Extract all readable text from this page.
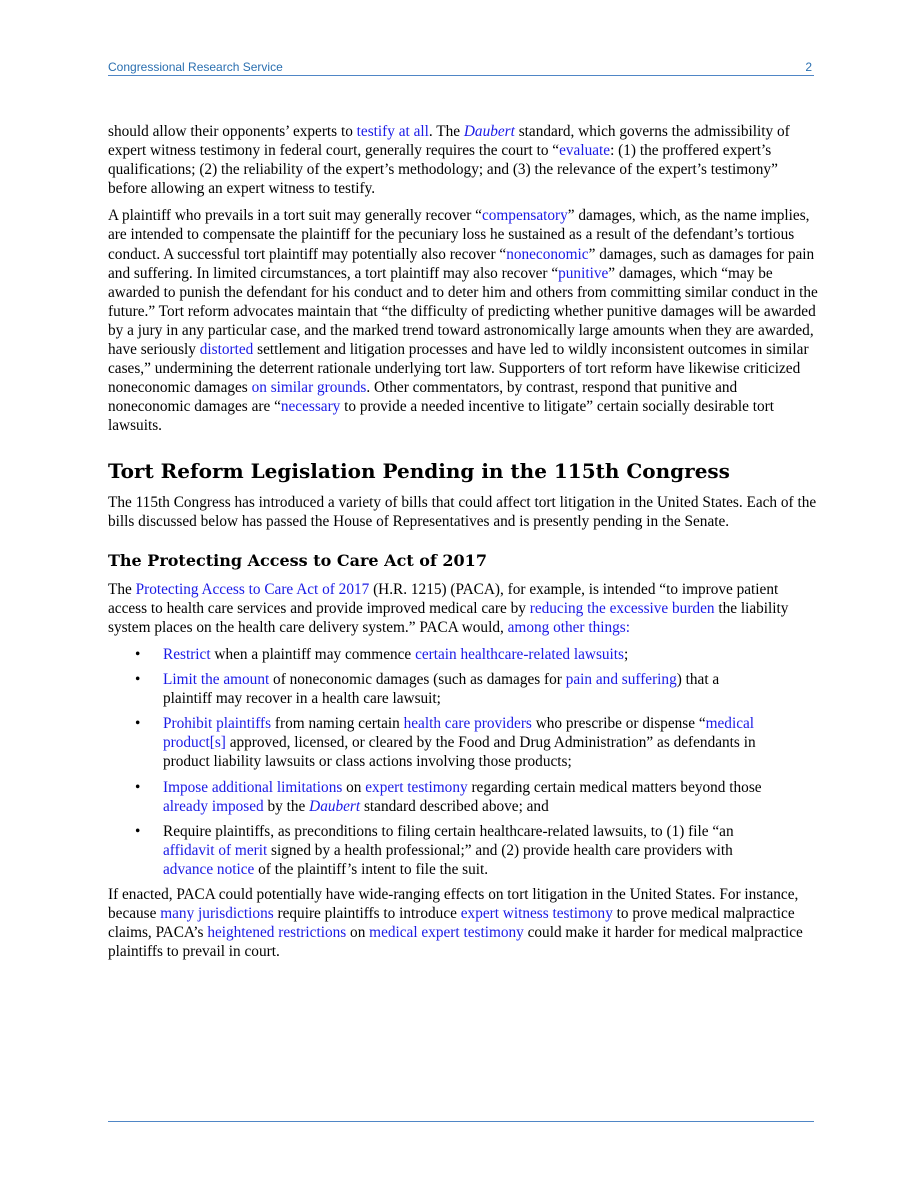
Congressional Research Service	2

should allow their opponents’ experts to testify at all. The Daubert standard, which governs the admissibility of expert witness testimony in federal court, generally requires the court to “evaluate: (1) the proffered expert’s qualifications; (2) the reliability of the expert’s methodology; and (3) the relevance of the expert’s testimony” before allowing an expert witness to testify.

A plaintiff who prevails in a tort suit may generally recover “compensatory” damages, which, as the name implies, are intended to compensate the plaintiff for the pecuniary loss he sustained as a result of the defendant’s tortious conduct. A successful tort plaintiff may potentially also recover “noneconomic” damages, such as damages for pain and suffering. In limited circumstances, a tort plaintiff may also recover “punitive” damages, which “may be awarded to punish the defendant for his conduct and to deter him and others from committing similar conduct in the future.” Tort reform advocates maintain that “the difficulty of predicting whether punitive damages will be awarded by a jury in any particular case, and the marked trend toward astronomically large amounts when they are awarded, have seriously distorted settlement and litigation processes and have led to wildly inconsistent outcomes in similar cases,” undermining the deterrent rationale underlying tort law. Supporters of tort reform have likewise criticized noneconomic damages on similar grounds. Other commentators, by contrast, respond that punitive and noneconomic damages are “necessary to provide a needed incentive to litigate” certain socially desirable tort lawsuits.

Tort Reform Legislation Pending in the 115th Congress

The 115th Congress has introduced a variety of bills that could affect tort litigation in the United States. Each of the bills discussed below has passed the House of Representatives and is presently pending in the Senate.

The Protecting Access to Care Act of 2017

The Protecting Access to Care Act of 2017 (H.R. 1215) (PACA), for example, is intended “to improve patient access to health care services and provide improved medical care by reducing the excessive burden the liability system places on the health care delivery system.” PACA would, among other things:

• Restrict when a plaintiff may commence certain healthcare-related lawsuits;
• Limit the amount of noneconomic damages (such as damages for pain and suffering) that a plaintiff may recover in a health care lawsuit;
• Prohibit plaintiffs from naming certain health care providers who prescribe or dispense “medical product[s] approved, licensed, or cleared by the Food and Drug Administration” as defendants in product liability lawsuits or class actions involving those products;
• Impose additional limitations on expert testimony regarding certain medical matters beyond those already imposed by the Daubert standard described above; and
• Require plaintiffs, as preconditions to filing certain healthcare-related lawsuits, to (1) file “an affidavit of merit signed by a health professional;” and (2) provide health care providers with advance notice of the plaintiff’s intent to file the suit.

If enacted, PACA could potentially have wide-ranging effects on tort litigation in the United States. For instance, because many jurisdictions require plaintiffs to introduce expert witness testimony to prove medical malpractice claims, PACA’s heightened restrictions on medical expert testimony could make it harder for medical malpractice plaintiffs to prevail in court.
